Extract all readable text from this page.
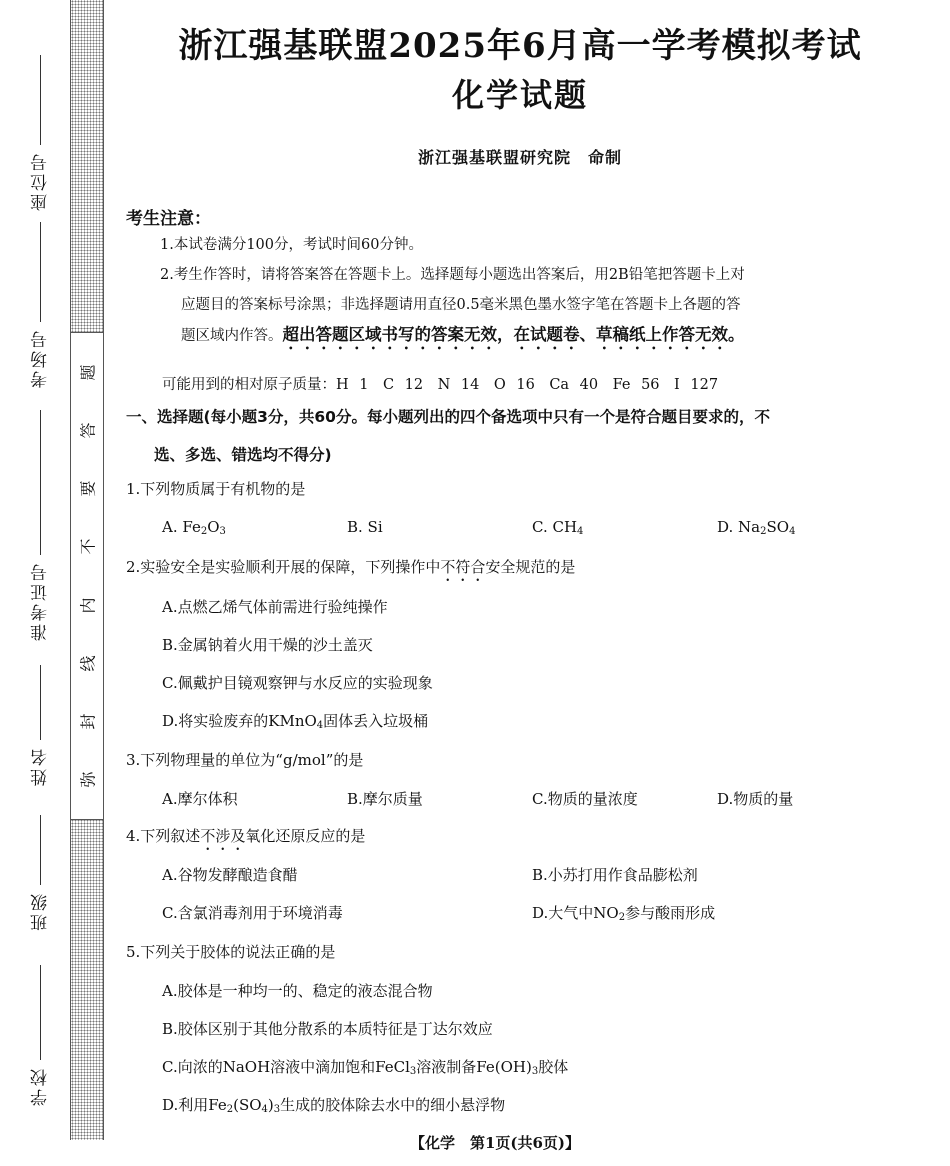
座位号
考场号
准考证号
姓名
班级
学校
题
答
要
不
内
线
封
弥
浙江强基联盟2025年6月高一学考模拟考试
化学试题
浙江强基联盟研究院　命制
考生注意：
1.本试卷满分100分，考试时间60分钟。
2.考生作答时，请将答案答在答题卡上。选择题每小题选出答案后，用2B铅笔把答题卡上对
应题目的答案标号涂黑；非选择题请用直径0.5毫米黑色墨水签字笔在答题卡上各题的答
题区域内作答。超出答题区域书写的答案无效，在试题卷、草稿纸上作答无效。
可能用到的相对原子质量：H 1　C 12　N 14　O 16　Ca 40　Fe 56　I 127
一、选择题(每小题3分，共60分。每小题列出的四个备选项中只有一个是符合题目要求的，不
选、多选、错选均不得分)
1.下列物质属于有机物的是
A. $Fe_2O_3$	B. Si	C. $CH_4$	D. $Na_2SO_4$
2.实验安全是实验顺利开展的保障，下列操作中不符合安全规范的是
A.点燃乙烯气体前需进行验纯操作
B.金属钠着火用干燥的沙土盖灭
C.佩戴护目镜观察钾与水反应的实验现象
D.将实验废弃的KMnO$_4$固体丢入垃圾桶
3.下列物理量的单位为“g/mol”的是
A.摩尔体积	B.摩尔质量	C.物质的量浓度	D.物质的量
4.下列叙述不涉及氧化还原反应的是
A.谷物发酵酿造食醋	B.小苏打用作食品膨松剂
C.含氯消毒剂用于环境消毒	D.大气中$NO_2$参与酸雨形成
5.下列关于胶体的说法正确的是
A.胶体是一种均一的、稳定的液态混合物
B.胶体区别于其他分散系的本质特征是丁达尔效应
C.向浓的NaOH溶液中滴加饱和FeCl$_3$溶液制备$Fe(OH)_3$胶体
D.利用$Fe_2(SO_4)_3$生成的胶体除去水中的细小悬浮物
【化学　第1页(共6页)】
